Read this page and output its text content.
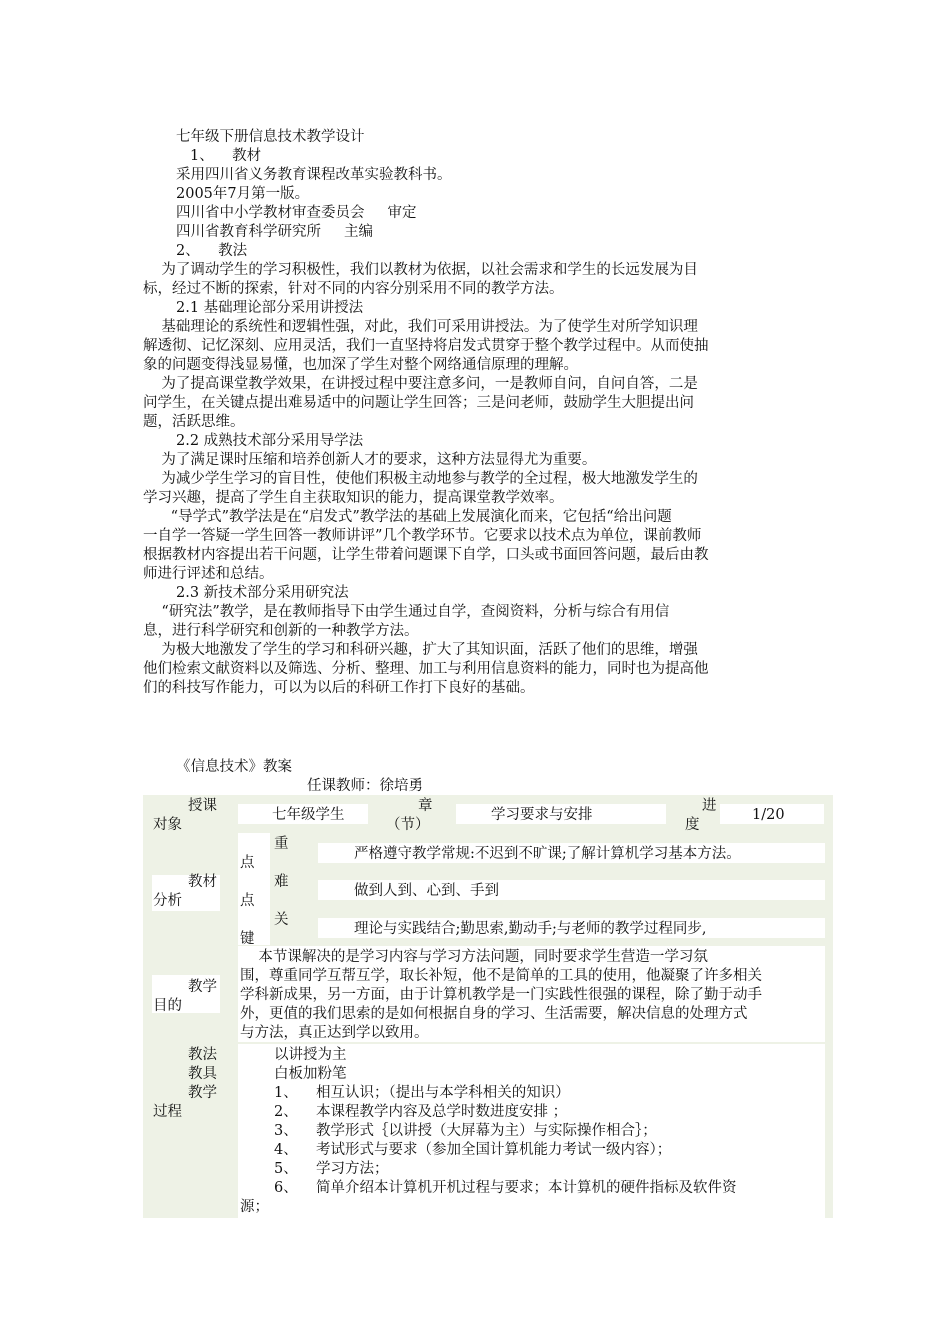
七年级下册信息技术教学设计
1、    教材
采用四川省义务教育课程改革实验教科书。
2005年7月第一版。
四川省中小学教材审查委员会     审定
四川省教育科学研究所     主编
2、    教法
为了调动学生的学习积极性，我们以教材为依据，以社会需求和学生的长远发展为目
标，经过不断的探索，针对不同的内容分别采用不同的教学方法。
2.1 基础理论部分采用讲授法
基础理论的系统性和逻辑性强，对此，我们可采用讲授法。为了使学生对所学知识理
解透彻、记忆深刻、应用灵活，我们一直坚持将启发式贯穿于整个教学过程中。从而使抽
象的问题变得浅显易懂，也加深了学生对整个网络通信原理的理解。
为了提高课堂教学效果，在讲授过程中要注意多问，一是教师自问，自问自答，二是
问学生，在关键点提出难易适中的问题让学生回答；三是问老师，鼓励学生大胆提出问
题，活跃思维。
2.2 成熟技术部分采用导学法
为了满足课时压缩和培养创新人才的要求，这种方法显得尤为重要。
为减少学生学习的盲目性，使他们积极主动地参与教学的全过程，极大地激发学生的
学习兴趣，提高了学生自主获取知识的能力，提高课堂教学效率。
“导学式”教学法是在“启发式”教学法的基础上发展演化而来，它包括“给出问题
一自学一答疑一学生回答一教师讲评”几个教学环节。它要求以技术点为单位，课前教师
根据教材内容提出若干问题，让学生带着问题课下自学，口头或书面回答问题，最后由教
师进行评述和总结。
2.3 新技术部分采用研究法
“研究法”教学，是在教师指导下由学生通过自学，查阅资料，分析与综合有用信
息，进行科学研究和创新的一种教学方法。
为极大地激发了学生的学习和科研兴趣，扩大了其知识面，活跃了他们的思维，增强
他们检索文献资料以及筛选、分析、整理、加工与利用信息资料的能力，同时也为提高他
们的科技写作能力，可以为以后的科研工作打下良好的基础。
《信息技术》教案
任课教师：徐培勇
授课
对象
七年级学生
章
（节）
学习要求与安排
进
度
1/20
教材
分析
重
点
严格遵守教学常规:不迟到不旷课;了解计算机学习基本方法。
难
点
做到人到、心到、手到
关
键
理论与实践结合;勤思索,勤动手;与老师的教学过程同步,
教学
目的
本节课解决的是学习内容与学习方法问题，同时要求学生营造一学习氛
围，尊重同学互帮互学，取长补短，他不是简单的工具的使用，他凝聚了许多相关
学科新成果，另一方面，由于计算机教学是一门实践性很强的课程，除了勤于动手
外，更值的我们思索的是如何根据自身的学习、生活需要，解决信息的处理方式
与方法，真正达到学以致用。
教法	以讲授为主
教具	白板加粉笔
教学
过程
1、 相互认识；（提出与本学科相关的知识）
2、 本课程教学内容及总学时数进度安排 ；
3、 教学形式｛以讲授（大屏幕为主）与实际操作相合｝；
4、 考试形式与要求（参加全国计算机能力考试一级内容）；
5、 学习方法；
6、 简单介绍本计算机开机过程与要求；本计算机的硬件指标及软件资
源；
